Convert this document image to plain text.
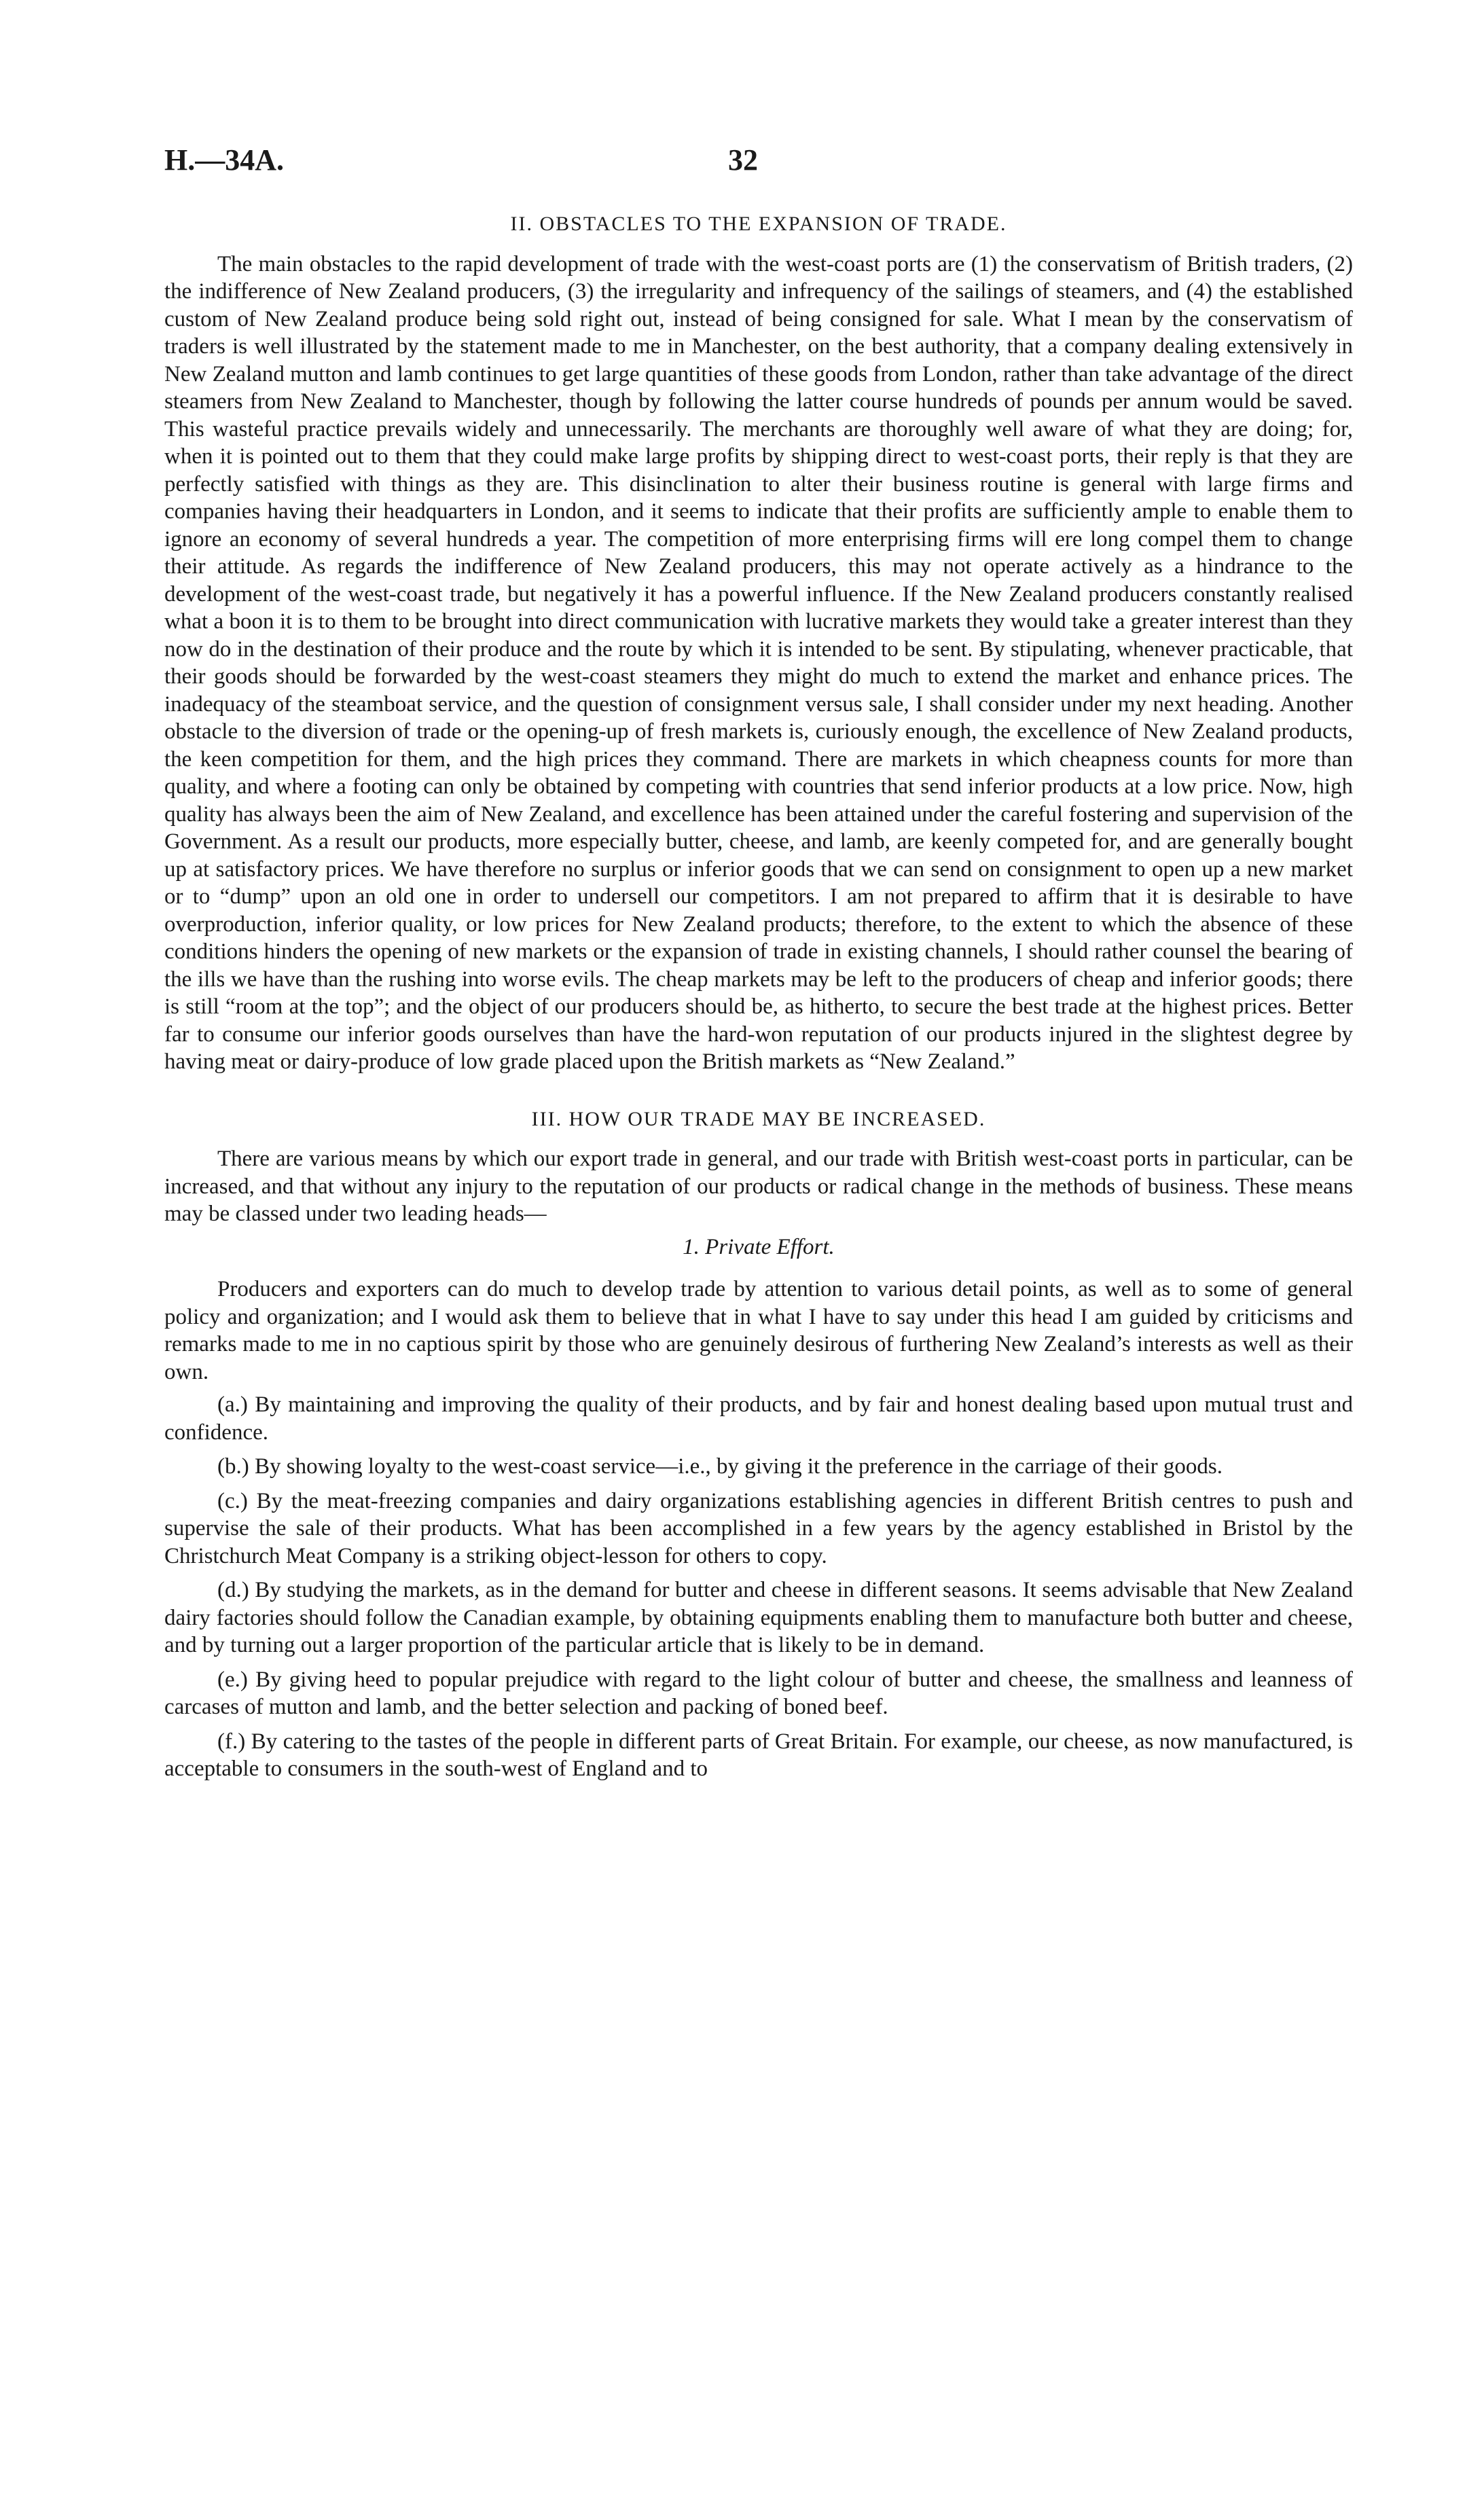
H.—34A.	32
II. OBSTACLES TO THE EXPANSION OF TRADE.

The main obstacles to the rapid development of trade with the west-coast ports are (1) the conservatism of British traders, (2) the indifference of New Zealand producers, (3) the irregularity and infrequency of the sailings of steamers, and (4) the established custom of New Zealand produce being sold right out, instead of being consigned for sale. What I mean by the conservatism of traders is well illustrated by the statement made to me in Manchester, on the best authority, that a company dealing extensively in New Zealand mutton and lamb continues to get large quantities of these goods from London, rather than take advantage of the direct steamers from New Zealand to Manchester, though by following the latter course hundreds of pounds per annum would be saved. This wasteful practice prevails widely and unnecessarily. The merchants are thoroughly well aware of what they are doing; for, when it is pointed out to them that they could make large profits by shipping direct to west-coast ports, their reply is that they are perfectly satisfied with things as they are. This disinclination to alter their business routine is general with large firms and companies having their headquarters in London, and it seems to indicate that their profits are sufficiently ample to enable them to ignore an economy of several hundreds a year. The competition of more enterprising firms will ere long compel them to change their attitude. As regards the indifference of New Zealand producers, this may not operate actively as a hindrance to the development of the west-coast trade, but negatively it has a powerful influence. If the New Zealand producers constantly realised what a boon it is to them to be brought into direct communication with lucrative markets they would take a greater interest than they now do in the destination of their produce and the route by which it is intended to be sent. By stipulating, whenever practicable, that their goods should be forwarded by the west-coast steamers they might do much to extend the market and enhance prices. The inadequacy of the steamboat service, and the question of consignment versus sale, I shall consider under my next heading. Another obstacle to the diversion of trade or the opening-up of fresh markets is, curiously enough, the excellence of New Zealand products, the keen competition for them, and the high prices they command. There are markets in which cheapness counts for more than quality, and where a footing can only be obtained by competing with countries that send inferior products at a low price. Now, high quality has always been the aim of New Zealand, and excellence has been attained under the careful fostering and supervision of the Government. As a result our products, more especially butter, cheese, and lamb, are keenly competed for, and are generally bought up at satisfactory prices. We have therefore no surplus or inferior goods that we can send on consignment to open up a new market or to “dump” upon an old one in order to undersell our competitors. I am not prepared to affirm that it is desirable to have overproduction, inferior quality, or low prices for New Zealand products; therefore, to the extent to which the absence of these conditions hinders the opening of new markets or the expansion of trade in existing channels, I should rather counsel the bearing of the ills we have than the rushing into worse evils. The cheap markets may be left to the producers of cheap and inferior goods; there is still “room at the top”; and the object of our producers should be, as hitherto, to secure the best trade at the highest prices. Better far to consume our inferior goods ourselves than have the hard-won reputation of our products injured in the slightest degree by having meat or dairy-produce of low grade placed upon the British markets as “New Zealand.”

III. HOW OUR TRADE MAY BE INCREASED.

There are various means by which our export trade in general, and our trade with British west-coast ports in particular, can be increased, and that without any injury to the reputation of our products or radical change in the methods of business. These means may be classed under two leading heads—

1. Private Effort.

Producers and exporters can do much to develop trade by attention to various detail points, as well as to some of general policy and organization; and I would ask them to believe that in what I have to say under this head I am guided by criticisms and remarks made to me in no captious spirit by those who are genuinely desirous of furthering New Zealand’s interests as well as their own.

(a.) By maintaining and improving the quality of their products, and by fair and honest dealing based upon mutual trust and confidence.
(b.) By showing loyalty to the west-coast service—i.e., by giving it the preference in the carriage of their goods.
(c.) By the meat-freezing companies and dairy organizations establishing agencies in different British centres to push and supervise the sale of their products. What has been accomplished in a few years by the agency established in Bristol by the Christchurch Meat Company is a striking object-lesson for others to copy.
(d.) By studying the markets, as in the demand for butter and cheese in different seasons. It seems advisable that New Zealand dairy factories should follow the Canadian example, by obtaining equipments enabling them to manufacture both butter and cheese, and by turning out a larger proportion of the particular article that is likely to be in demand.
(e.) By giving heed to popular prejudice with regard to the light colour of butter and cheese, the smallness and leanness of carcases of mutton and lamb, and the better selection and packing of boned beef.
(f.) By catering to the tastes of the people in different parts of Great Britain. For example, our cheese, as now manufactured, is acceptable to consumers in the south-west of England and to
